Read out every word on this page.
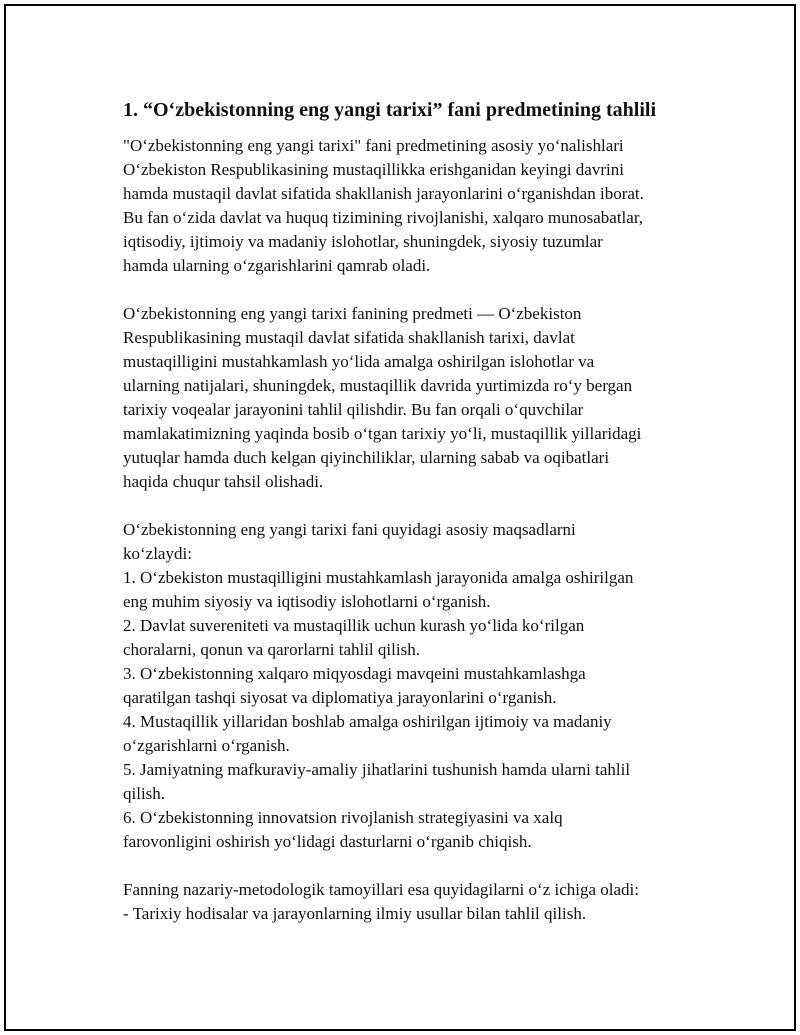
1. “O‘zbekistonning eng yangi tarixi” fani predmetining tahlili
"O‘zbekistonning eng yangi tarixi" fani predmetining asosiy yo‘nalishlari
O‘zbekiston Respublikasining mustaqillikka erishganidan keyingi davrini
hamda mustaqil davlat sifatida shakllanish jarayonlarini o‘rganishdan iborat.
Bu fan o‘zida davlat va huquq tizimining rivojlanishi, xalqaro munosabatlar,
iqtisodiy, ijtimoiy va madaniy islohotlar, shuningdek, siyosiy tuzumlar
hamda ularning o‘zgarishlarini qamrab oladi.
O‘zbekistonning eng yangi tarixi fanining predmeti — O‘zbekiston
Respublikasining mustaqil davlat sifatida shakllanish tarixi, davlat
mustaqilligini mustahkamlash yo‘lida amalga oshirilgan islohotlar va
ularning natijalari, shuningdek, mustaqillik davrida yurtimizda ro‘y bergan
tarixiy voqealar jarayonini tahlil qilishdir. Bu fan orqali o‘quvchilar
mamlakatimizning yaqinda bosib o‘tgan tarixiy yo‘li, mustaqillik yillaridagi
yutuqlar hamda duch kelgan qiyinchiliklar, ularning sabab va oqibatlari
haqida chuqur tahsil olishadi.
O‘zbekistonning eng yangi tarixi fani quyidagi asosiy maqsadlarni
ko‘zlaydi:
1. O‘zbekiston mustaqilligini mustahkamlash jarayonida amalga oshirilgan
eng muhim siyosiy va iqtisodiy islohotlarni o‘rganish.
2. Davlat suvereniteti va mustaqillik uchun kurash yo‘lida ko‘rilgan
choralarni, qonun va qarorlarni tahlil qilish.
3. O‘zbekistonning xalqaro miqyosdagi mavqeini mustahkamlashga
qaratilgan tashqi siyosat va diplomatiya jarayonlarini o‘rganish.
4. Mustaqillik yillaridan boshlab amalga oshirilgan ijtimoiy va madaniy
o‘zgarishlarni o‘rganish.
5. Jamiyatning mafkuraviy-amaliy jihatlarini tushunish hamda ularni tahlil
qilish.
6. O‘zbekistonning innovatsion rivojlanish strategiyasini va xalq
farovonligini oshirish yo‘lidagi dasturlarni o‘rganib chiqish.
Fanning nazariy-metodologik tamoyillari esa quyidagilarni o‘z ichiga oladi:
- Tarixiy hodisalar va jarayonlarning ilmiy usullar bilan tahlil qilish.
